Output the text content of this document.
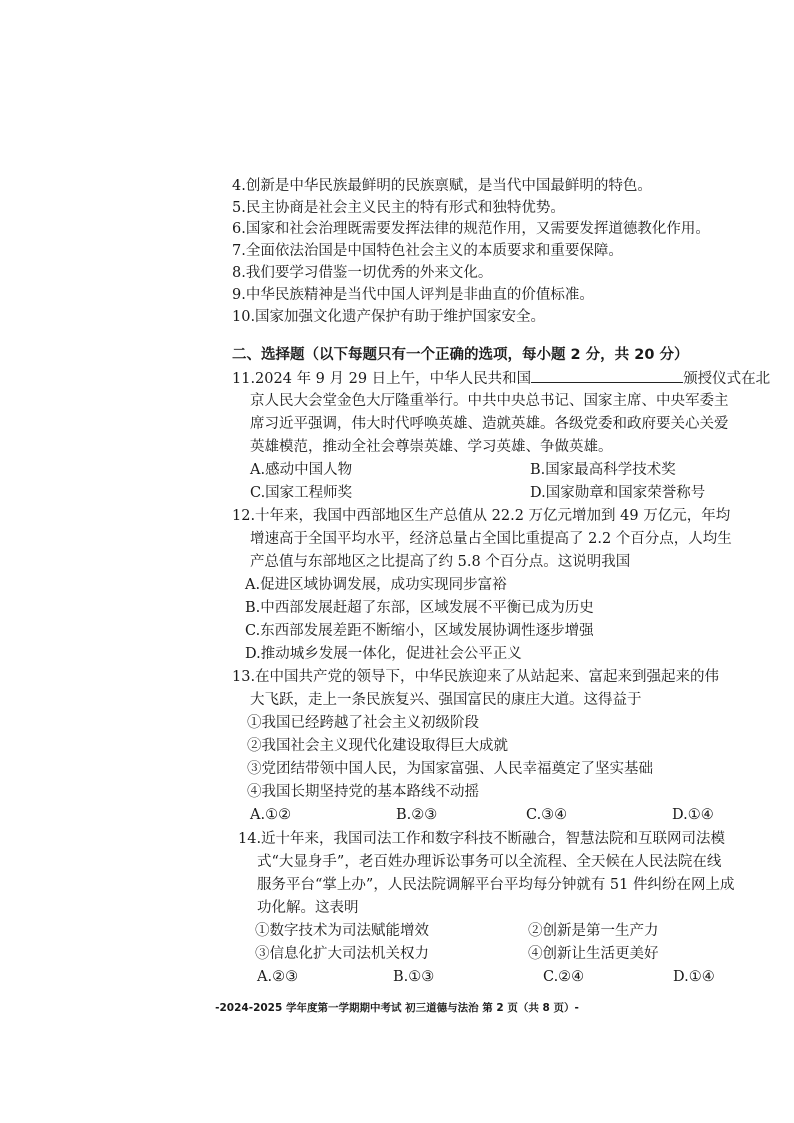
4.创新是中华民族最鲜明的民族禀赋，是当代中国最鲜明的特色。
5.民主协商是社会主义民主的特有形式和独特优势。
6.国家和社会治理既需要发挥法律的规范作用，又需要发挥道德教化作用。
7.全面依法治国是中国特色社会主义的本质要求和重要保障。
8.我们要学习借鉴一切优秀的外来文化。
9.中华民族精神是当代中国人评判是非曲直的价值标准。
10.国家加强文化遗产保护有助于维护国家安全。
二、选择题（以下每题只有一个正确的选项，每小题 2 分，共 20 分）
11.2024 年 9 月 29 日上午，中华人民共和国	颁授仪式在北
京人民大会堂金色大厅隆重举行。中共中央总书记、国家主席、中央军委主
席习近平强调，伟大时代呼唤英雄、造就英雄。各级党委和政府要关心关爱
英雄模范，推动全社会尊崇英雄、学习英雄、争做英雄。
A.感动中国人物	B.国家最高科学技术奖
C.国家工程师奖	D.国家勋章和国家荣誉称号
12.十年来，我国中西部地区生产总值从 22.2 万亿元增加到 49 万亿元，年均
增速高于全国平均水平，经济总量占全国比重提高了 2.2 个百分点，人均生
产总值与东部地区之比提高了约 5.8 个百分点。这说明我国
A.促进区域协调发展，成功实现同步富裕
B.中西部发展赶超了东部，区域发展不平衡已成为历史
C.东西部发展差距不断缩小，区域发展协调性逐步增强
D.推动城乡发展一体化，促进社会公平正义
13.在中国共产党的领导下，中华民族迎来了从站起来、富起来到强起来的伟
大飞跃，走上一条民族复兴、强国富民的康庄大道。这得益于
①我国已经跨越了社会主义初级阶段
②我国社会主义现代化建设取得巨大成就
③党团结带领中国人民，为国家富强、人民幸福奠定了坚实基础
④我国长期坚持党的基本路线不动摇
A.①②	B.②③	C.③④	D.①④
14.近十年来，我国司法工作和数字科技不断融合，智慧法院和互联网司法模
式“大显身手”，老百姓办理诉讼事务可以全流程、全天候在人民法院在线
服务平台“掌上办”，人民法院调解平台平均每分钟就有 51 件纠纷在网上成
功化解。这表明
①数字技术为司法赋能增效	②创新是第一生产力
③信息化扩大司法机关权力	④创新让生活更美好
A.②③	B.①③	C.②④	D.①④
-2024-2025 学年度第一学期期中考试 初三道德与法治 第 2 页（共 8 页）-
